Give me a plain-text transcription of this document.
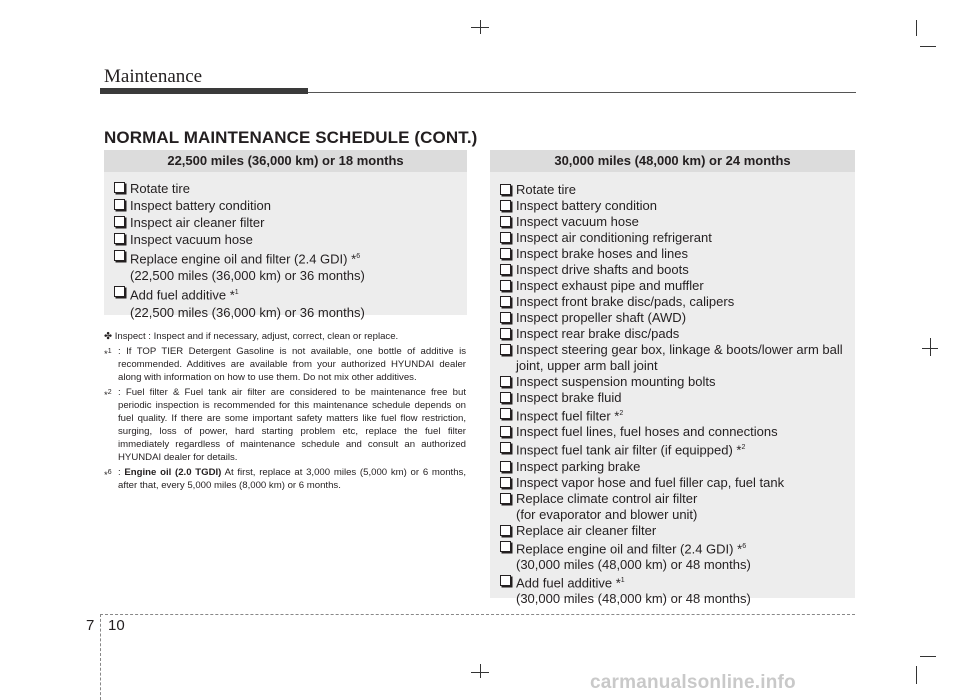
Maintenance
NORMAL MAINTENANCE SCHEDULE (CONT.)
22,500 miles (36,000 km) or 18 months
Rotate tire
Inspect battery condition
Inspect air cleaner filter
Inspect vacuum hose
Replace engine oil and filter (2.4 GDI) *$^6$
(22,500 miles (36,000 km) or 36 months)
Add fuel additive *$^1$
(22,500 miles (36,000 km) or 36 months)
✤ Inspect : Inspect and if necessary, adjust, correct, clean or replace.
*$^1$ : If TOP TIER Detergent Gasoline is not available, one bottle of additive is recommended. Additives are available from your authorized HYUNDAI dealer along with information on how to use them. Do not mix other additives.
*$^2$ : Fuel filter & Fuel tank air filter are considered to be maintenance free but periodic inspection is recommended for this maintenance schedule depends on fuel quality. If there are some important safety matters like fuel flow restriction, surging, loss of power, hard starting problem etc, replace the fuel filter immediately regardless of maintenance schedule and consult an authorized HYUNDAI dealer for details.
*$^6$ : Engine oil (2.0 TGDI) At first, replace at 3,000 miles (5,000 km) or 6 months, after that, every 5,000 miles (8,000 km) or 6 months.
30,000 miles (48,000 km) or 24 months
Rotate tire
Inspect battery condition
Inspect vacuum hose
Inspect air conditioning refrigerant
Inspect brake hoses and lines
Inspect drive shafts and boots
Inspect exhaust pipe and muffler
Inspect front brake disc/pads, calipers
Inspect propeller shaft (AWD)
Inspect rear brake disc/pads
Inspect steering gear box, linkage & boots/lower arm ball
joint, upper arm ball joint
Inspect suspension mounting bolts
Inspect brake fluid
Inspect fuel filter *$^2$
Inspect fuel lines, fuel hoses and connections
Inspect fuel tank air filter (if equipped) *$^2$
Inspect parking brake
Inspect vapor hose and fuel filler cap, fuel tank
Replace climate control air filter
(for evaporator and blower unit)
Replace air cleaner filter
Replace engine oil and filter (2.4 GDI) *$^6$
(30,000 miles (48,000 km) or 48 months)
Add fuel additive *$^1$
(30,000 miles (48,000 km) or 48 months)
7 10
carmanualsonline.info
